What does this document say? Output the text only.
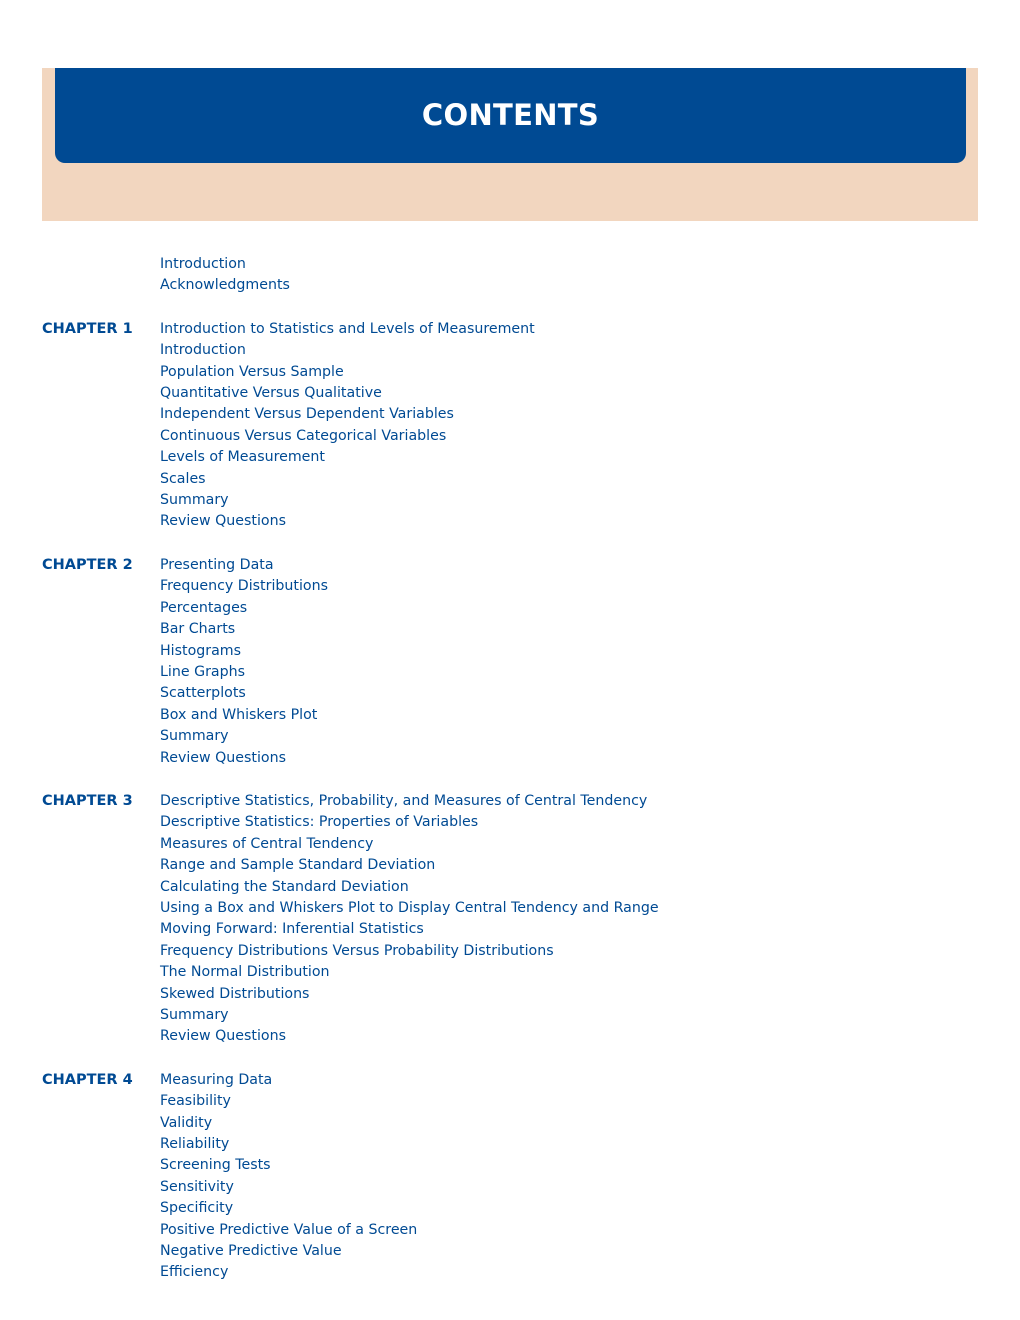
CONTENTS
Introduction
Acknowledgments
CHAPTER 1 Introduction to Statistics and Levels of Measurement
Introduction
Population Versus Sample
Quantitative Versus Qualitative
Independent Versus Dependent Variables
Continuous Versus Categorical Variables
Levels of Measurement
Scales
Summary
Review Questions
CHAPTER 2 Presenting Data
Frequency Distributions
Percentages
Bar Charts
Histograms
Line Graphs
Scatterplots
Box and Whiskers Plot
Summary
Review Questions
CHAPTER 3 Descriptive Statistics, Probability, and Measures of Central Tendency
Descriptive Statistics: Properties of Variables
Measures of Central Tendency
Range and Sample Standard Deviation
Calculating the Standard Deviation
Using a Box and Whiskers Plot to Display Central Tendency and Range
Moving Forward: Inferential Statistics
Frequency Distributions Versus Probability Distributions
The Normal Distribution
Skewed Distributions
Summary
Review Questions
CHAPTER 4 Measuring Data
Feasibility
Validity
Reliability
Screening Tests
Sensitivity
Specificity
Positive Predictive Value of a Screen
Negative Predictive Value
Efficiency
